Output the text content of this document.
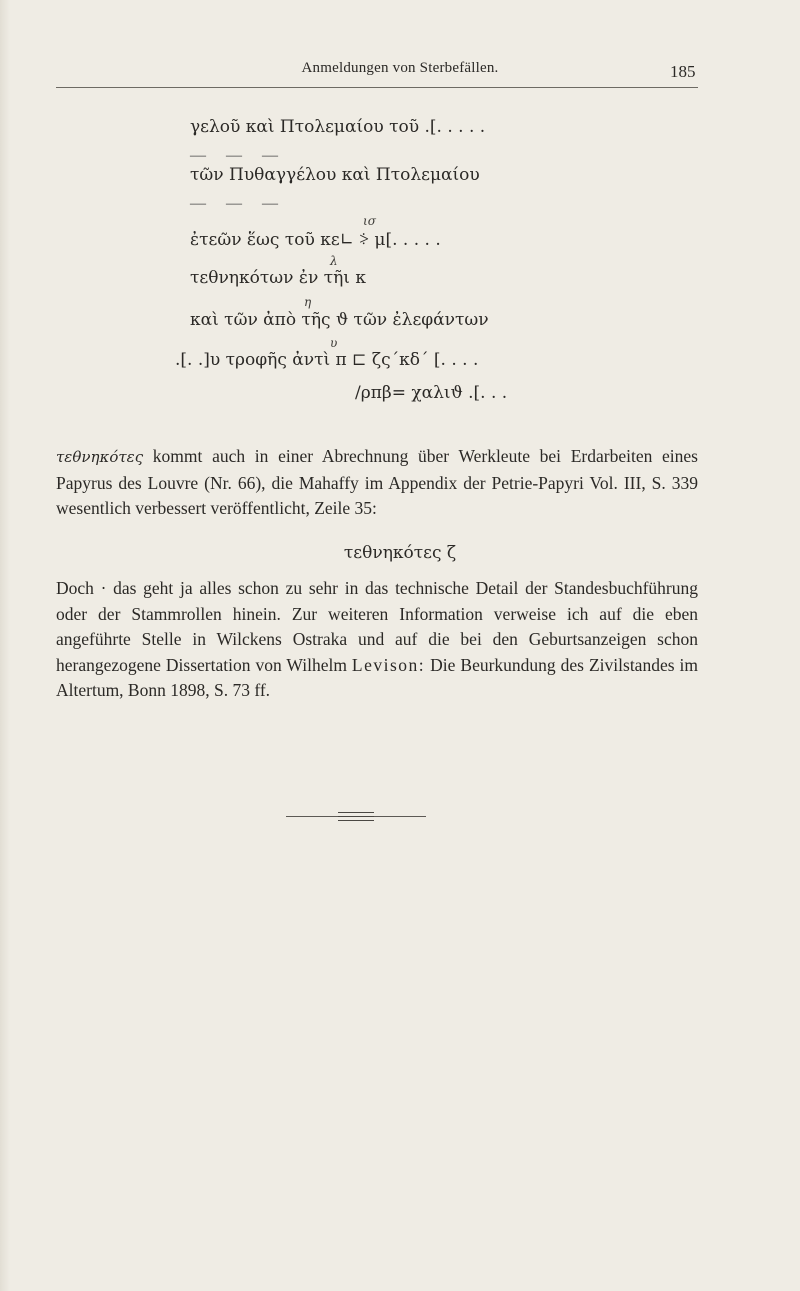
Anmeldungen von Sterbefällen.	185
γελοῦ καὶ Πτολεμαίου τοῦ .[. . . . .
— — —
τῶν Πυθαγγέλου καὶ Πτολεμαίου
— — —
ισ
ἐτεῶν ἕως τοῦ κε∟ ⸖ μ[. . . . .
λ
τεθνηκότων ἐν τῆι κ
η
καὶ τῶν ἀπὸ τῆς ϑ τῶν ἐλεφάντων
υ
.[. .]υ τροφῆς ἀντὶ π ⊏ ζς´κδ´ [. . . .
/ρπβ= χαλιϑ .[. . .
τεθνηκότες kommt auch in einer Abrechnung über Werkleute bei Erdarbeiten eines Papyrus des Louvre (Nr. 66), die Mahaffy im Appendix der Petrie-Papyri Vol. III, S. 339 wesentlich verbessert veröffentlicht, Zeile 35:
τεθνηκότες ζ
Doch · das geht ja alles schon zu sehr in das technische Detail der Standesbuchführung oder der Stammrollen hinein. Zur weiteren Information verweise ich auf die eben angeführte Stelle in Wilckens Ostraka und auf die bei den Geburtsanzeigen schon herangezogene Dissertation von Wilhelm Levison: Die Beurkundung des Zivilstandes im Altertum, Bonn 1898, S. 73 ff.
